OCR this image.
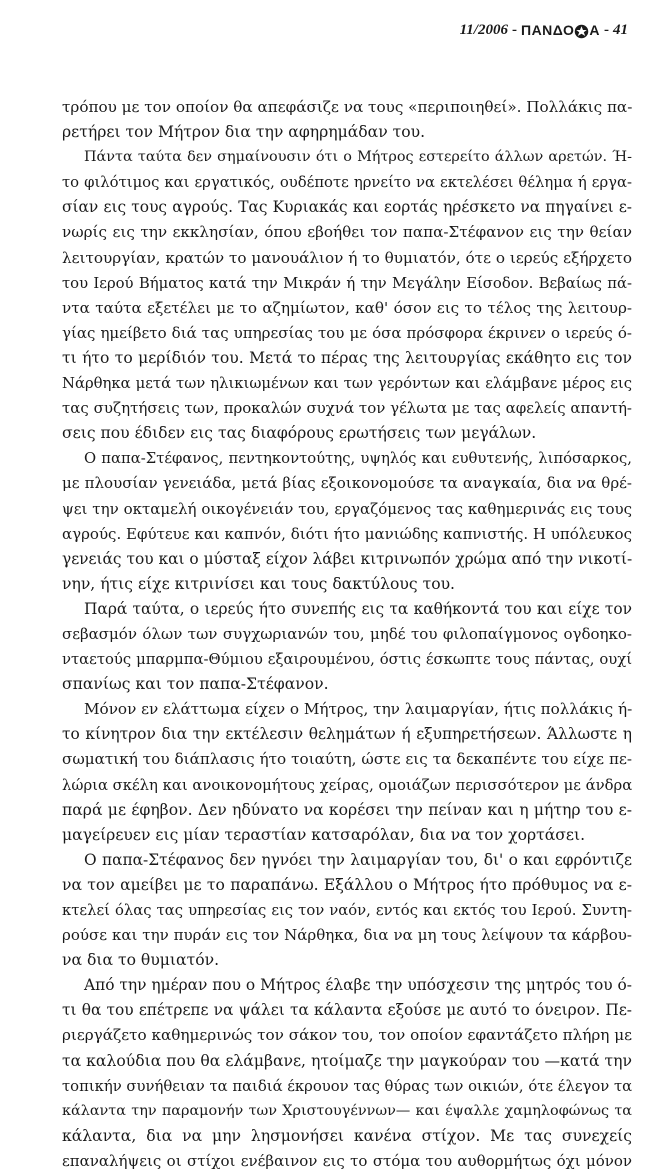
11/2006 - ΠΑΝΔΟ Α - 41
τρόπου με τον οποίον θα απεφάσιζε να τους «περιποιηθεί». Πολλάκις πα-
ρετήρει τον Μήτρον δια την αφηρημάδαν του.
Πάντα ταύτα δεν σημαίνουσιν ότι ο Μήτρος εστερείτο άλλων αρετών. Ή-
το φιλότιμος και εργατικός, ουδέποτε ηρνείτο να εκτελέσει θέλημα ή εργα-
σίαν εις τους αγρούς. Τας Κυριακάς και εορτάς ηρέσκετο να πηγαίνει ε-
νωρίς εις την εκκλησίαν, όπου εβοήθει τον παπα-Στέφανον εις την θείαν
λειτουργίαν, κρατών το μανουάλιον ή το θυμιατόν, ότε ο ιερεύς εξήρχετο
του Ιερού Βήματος κατά την Μικράν ή την Μεγάλην Είσοδον. Βεβαίως πά-
ντα ταύτα εξετέλει με το αζημίωτον, καθ' όσον εις το τέλος της λειτουρ-
γίας ημείβετο διά τας υπηρεσίας του με όσα πρόσφορα έκρινεν ο ιερεύς ό-
τι ήτο το μερίδιόν του. Μετά το πέρας της λειτουργίας εκάθητο εις τον
Νάρθηκα μετά των ηλικιωμένων και των γερόντων και ελάμβανε μέρος εις
τας συζητήσεις των, προκαλών συχνά τον γέλωτα με τας αφελείς απαντή-
σεις που έδιδεν εις τας διαφόρους ερωτήσεις των μεγάλων.
Ο παπα-Στέφανος, πεντηκοντούτης, υψηλός και ευθυτενής, λιπόσαρκος,
με πλουσίαν γενειάδα, μετά βίας εξοικονομούσε τα αναγκαία, δια να θρέ-
ψει την οκταμελή οικογένειάν του, εργαζόμενος τας καθημερινάς εις τους
αγρούς. Εφύτευε και καπνόν, διότι ήτο μανιώδης καπνιστής. Η υπόλευκος
γενειάς του και ο μύσταξ είχον λάβει κιτρινωπόν χρώμα από την νικοτί-
νην, ήτις είχε κιτρινίσει και τους δακτύλους του.
Παρά ταύτα, ο ιερεύς ήτο συνεπής εις τα καθήκοντά του και είχε τον
σεβασμόν όλων των συγχωριανών του, μηδέ του φιλοπαίγμονος ογδοηκο-
νταετούς μπαρμπα-Θύμιου εξαιρουμένου, όστις έσκωπτε τους πάντας, ουχί
σπανίως και τον παπα-Στέφανον.
Μόνον εν ελάττωμα είχεν ο Μήτρος, την λαιμαργίαν, ήτις πολλάκις ή-
το κίνητρον δια την εκτέλεσιν θελημάτων ή εξυπηρετήσεων. Άλλωστε η
σωματική του διάπλασις ήτο τοιαύτη, ώστε εις τα δεκαπέντε του είχε πε-
λώρια σκέλη και ανοικονομήτους χείρας, ομοιάζων περισσότερον με άνδρα
παρά με έφηβον. Δεν ηδύνατο να κορέσει την πείναν και η μήτηρ του ε-
μαγείρευεν εις μίαν τεραστίαν κατσαρόλαν, δια να τον χορτάσει.
Ο παπα-Στέφανος δεν ηγνόει την λαιμαργίαν του, δι' ο και εφρόντιζε
να τον αμείβει με το παραπάνω. Εξάλλου ο Μήτρος ήτο πρόθυμος να ε-
κτελεί όλας τας υπηρεσίας εις τον ναόν, εντός και εκτός του Ιερού. Συντη-
ρούσε και την πυράν εις τον Νάρθηκα, δια να μη τους λείψουν τα κάρβου-
να δια το θυμιατόν.
Από την ημέραν που ο Μήτρος έλαβε την υπόσχεσιν της μητρός του ό-
τι θα του επέτρεπε να ψάλει τα κάλαντα εξούσε με αυτό το όνειρον. Πε-
ριεργάζετο καθημερινώς τον σάκον του, τον οποίον εφαντάζετο πλήρη με
τα καλούδια που θα ελάμβανε, ητοίμαζε την μαγκούραν του —κατά την
τοπικήν συνήθειαν τα παιδιά έκρουον τας θύρας των οικιών, ότε έλεγον τα
κάλαντα την παραμονήν των Χριστουγέννων— και έψαλλε χαμηλοφώνως τα
κάλαντα, δια να μην λησμονήσει κανένα στίχον. Με τας συνεχείς
επαναλήψεις οι στίχοι ενέβαινον εις το στόμα του αυθορμήτως όχι μόνον
